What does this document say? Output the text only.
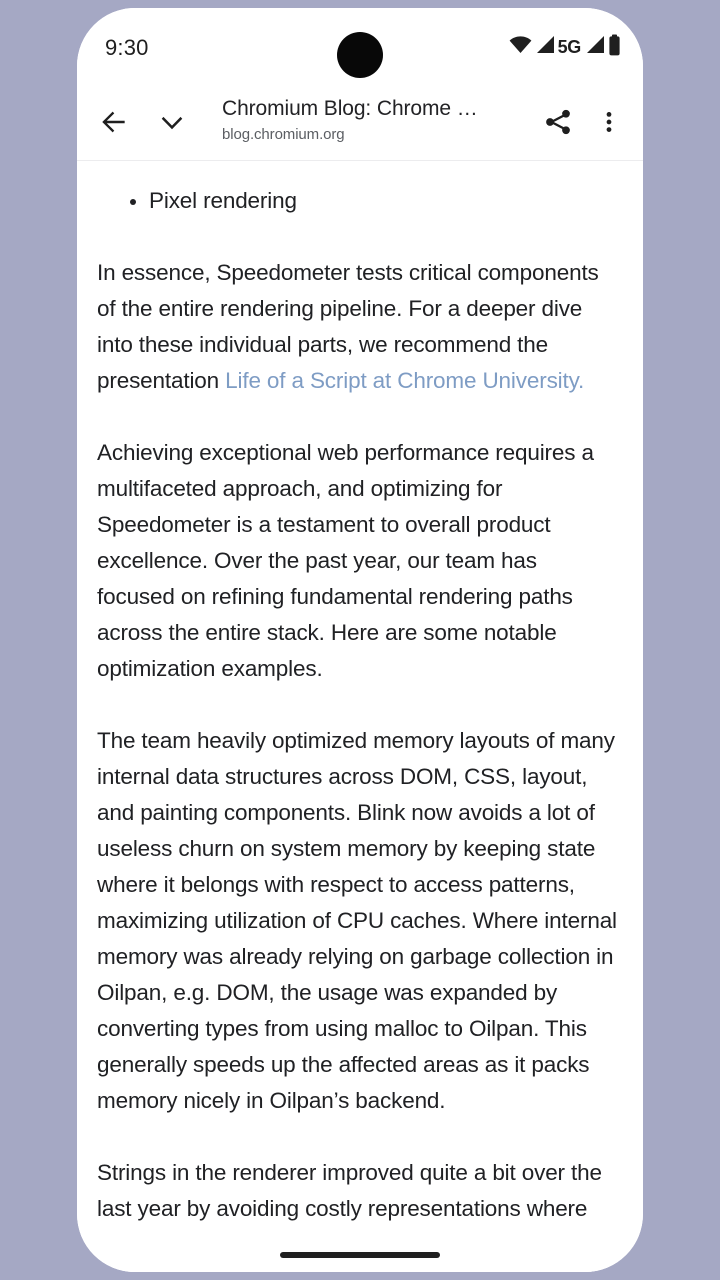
9:30	5G
Chromium Blog: Chrome …
blog.chromium.org
Pixel rendering

In essence, Speedometer tests critical components of the entire rendering pipeline. For a deeper dive into these individual parts, we recommend the presentation Life of a Script at Chrome University.

Achieving exceptional web performance requires a multifaceted approach, and optimizing for Speedometer is a testament to overall product excellence. Over the past year, our team has focused on refining fundamental rendering paths across the entire stack. Here are some notable optimization examples.

The team heavily optimized memory layouts of many internal data structures across DOM, CSS, layout, and painting components. Blink now avoids a lot of useless churn on system memory by keeping state where it belongs with respect to access patterns, maximizing utilization of CPU caches. Where internal memory was already relying on garbage collection in Oilpan, e.g. DOM, the usage was expanded by converting types from using malloc to Oilpan. This generally speeds up the affected areas as it packs memory nicely in Oilpan’s backend.

Strings in the renderer improved quite a bit over the last year by avoiding costly representations where
